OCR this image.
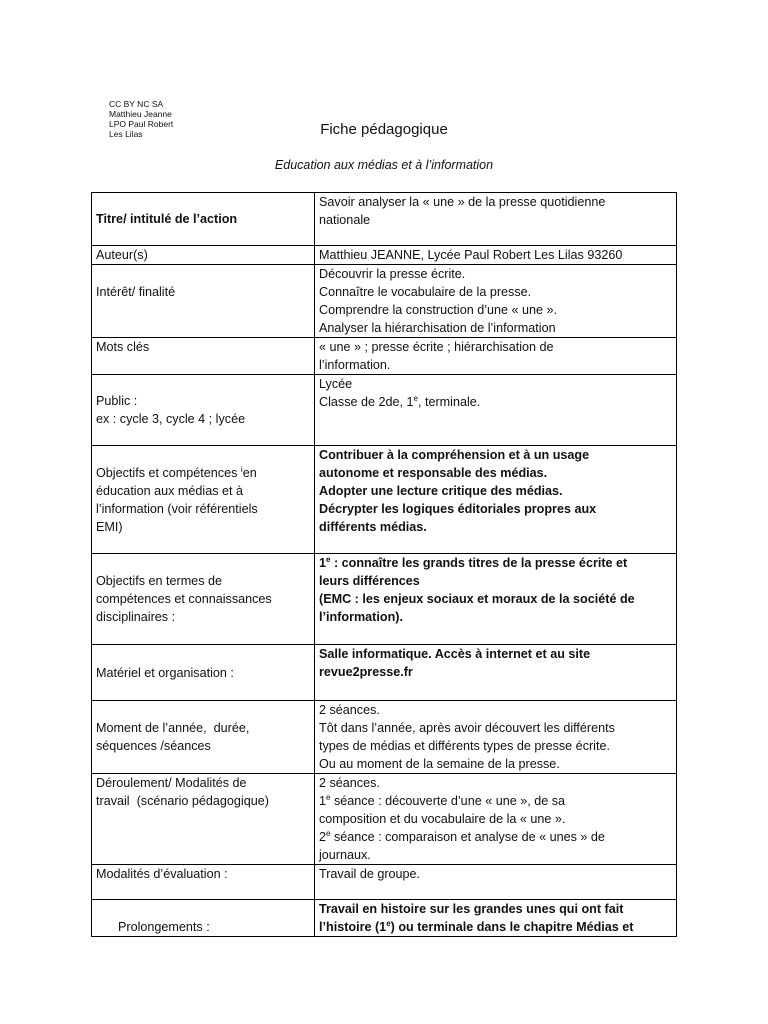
CC BY NC SA
Matthieu Jeanne
LPO Paul Robert
Les Lilas	Fiche pédagogique
Education aux médias et à l’information
Titre/ intitulé de l’action	Savoir analyser la « une » de la presse quotidienne
nationale

Auteur(s)	Matthieu JEANNE, Lycée Paul Robert Les Lilas 93260

Intérêt/ finalité	Découvrir la presse écrite.
Connaître le vocabulaire de la presse.
Comprendre la construction d’une « une ».
Analyser la hiérarchisation de l’information

Mots clés	« une » ; presse écrite ; hiérarchisation de
l’information.

Public :
ex : cycle 3, cycle 4 ; lycée	Lycée
Classe de 2de, 1e, terminale.

Objectifs et compétences $^i$en
éducation aux médias et à
l’information (voir référentiels
EMI)	Contribuer à la compréhension et à un usage
autonome et responsable des médias.
Adopter une lecture critique des médias.
Décrypter les logiques éditoriales propres aux
différents médias.

Objectifs en termes de
compétences et connaissances
disciplinaires :	1e : connaître les grands titres de la presse écrite et
leurs différences
(EMC : les enjeux sociaux et moraux de la société de
l’information).

Matériel et organisation :	Salle informatique. Accès à internet et au site
revue2presse.fr

Moment de l’année,  durée,
séquences /séances	2 séances.
Tôt dans l’année, après avoir découvert les différents
types de médias et différents types de presse écrite.
Ou au moment de la semaine de la presse.

Déroulement/ Modalités de
travail  (scénario pédagogique)	2 séances.
1e séance : découverte d’une « une », de sa
composition et du vocabulaire de la « une ».
2e séance : comparaison et analyse de « unes » de
journaux.

Modalités d’évaluation :	Travail de groupe.

Prolongements :	Travail en histoire sur les grandes unes qui ont fait
l’histoire (1e) ou terminale dans le chapitre Médias et
